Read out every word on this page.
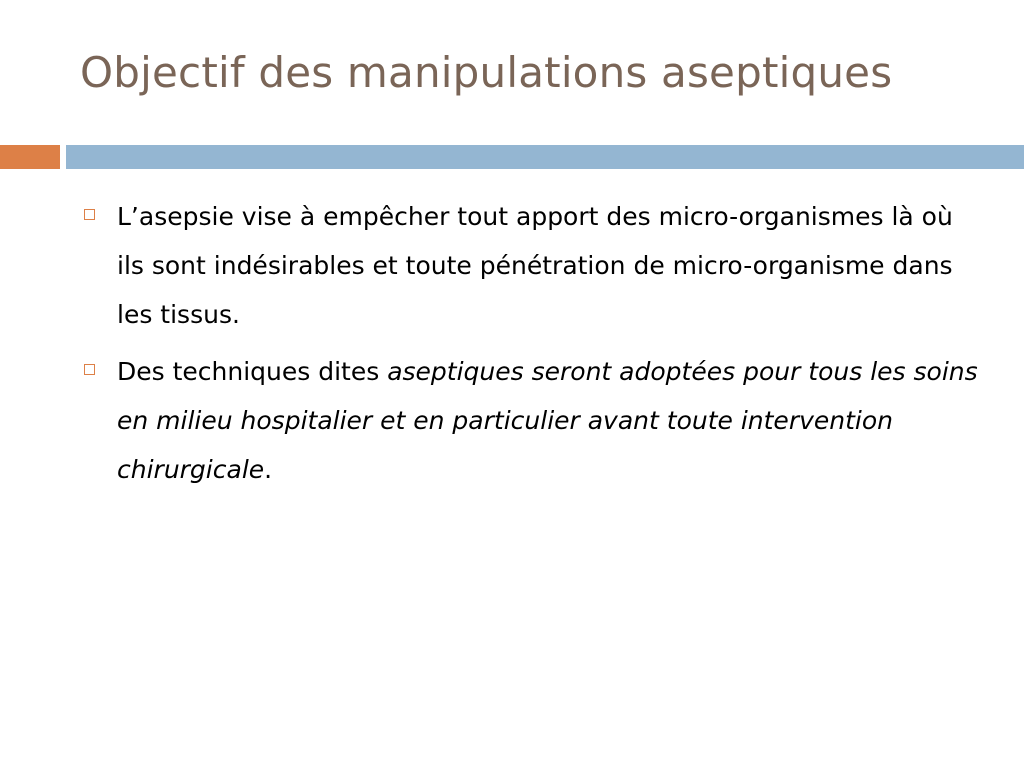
Objectif des manipulations aseptiques
L’asepsie vise à empêcher tout apport des micro-organismes là où ils sont indésirables et toute pénétration de micro-organisme dans les tissus.
Des techniques dites aseptiques seront adoptées pour tous les soins en milieu hospitalier et en particulier avant toute intervention chirurgicale.
